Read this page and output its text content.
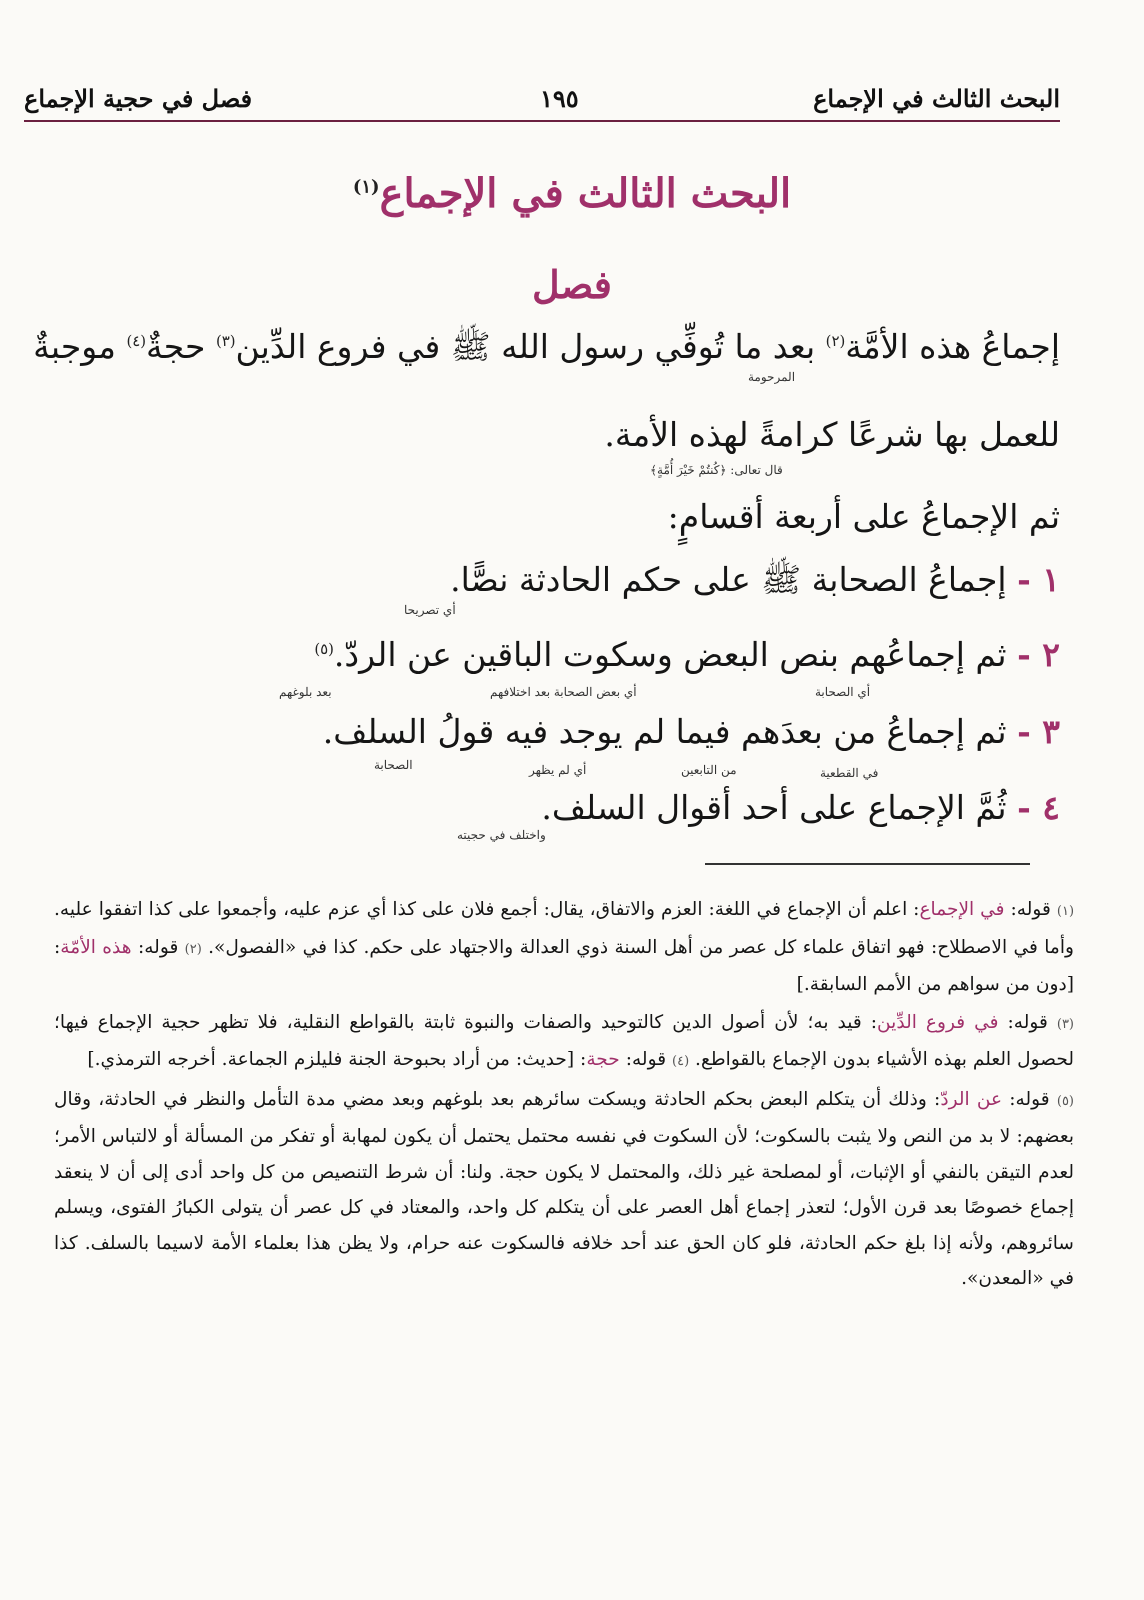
البحث الثالث في الإجماع
١٩٥
فصل في حجية الإجماع
البحث الثالث في الإجماع$^{(١)}$
فصل
إجماعُ هذه الأمَّة$^{(٢)}$ بعد ما تُوفِّي رسول الله ﷺ في فروع الدِّين$^{(٣)}$ حجةٌ$^{(٤)}$ موجبةٌ
للعمل بها شرعًا كرامةً لهذه الأمة.
ثم الإجماعُ على أربعة أقسامٍ:
١ - إجماعُ الصحابة ﷺ على حكم الحادثة نصًّا.
٢ - ثم إجماعُهم بنص البعض وسكوت الباقين عن الردّ.$^{(٥)}$
٣ - ثم إجماعُ من بعدَهم فيما لم يوجد فيه قولُ السلف.
٤ - ثُمَّ الإجماع على أحد أقوال السلف.
المرحومة
قال تعالى: ﴿كُنتُمْ خَيْرَ أُمَّةٍ﴾
أي تصريحا
بعد بلوغهم	أي بعض الصحابة بعد اختلافهم	أي الصحابة
الصحابة	أي لم يظهر	من التابعين	في القطعية
واختلف في حجيته

(١) قوله: في الإجماع: اعلم أن الإجماع في اللغة: العزم والاتفاق، يقال: أجمع فلان على كذا أي عزم عليه، وأجمعوا على كذا اتفقوا عليه. وأما في الاصطلاح: فهو اتفاق علماء كل عصر من أهل السنة ذوي العدالة والاجتهاد على حكم. كذا في «الفصول». (٢) قوله: هذه الأمّة: [دون من سواهم من الأمم السابقة.]

(٣) قوله: في فروع الدِّين: قيد به؛ لأن أصول الدين كالتوحيد والصفات والنبوة ثابتة بالقواطع النقلية، فلا تظهر حجية الإجماع فيها؛ لحصول العلم بهذه الأشياء بدون الإجماع بالقواطع. (٤) قوله: حجة: [حديث: من أراد بحبوحة الجنة فليلزم الجماعة. أخرجه الترمذي.]

(٥) قوله: عن الردّ: وذلك أن يتكلم البعض بحكم الحادثة ويسكت سائرهم بعد بلوغهم وبعد مضي مدة التأمل والنظر في الحادثة، وقال بعضهم: لا بد من النص ولا يثبت بالسكوت؛ لأن السكوت في نفسه محتمل يحتمل أن يكون لمهابة أو تفكر من المسألة أو لالتباس الأمر؛ لعدم التيقن بالنفي أو الإثبات، أو لمصلحة غير ذلك، والمحتمل لا يكون حجة. ولنا: أن شرط التنصيص من كل واحد أدى إلى أن لا ينعقد إجماع خصوصًا بعد قرن الأول؛ لتعذر إجماع أهل العصر على أن يتكلم كل واحد، والمعتاد في كل عصر أن يتولى الكبارُ الفتوى، ويسلم سائروهم، ولأنه إذا بلغ حكم الحادثة، فلو كان الحق عند أحد خلافه فالسكوت عنه حرام، ولا يظن هذا بعلماء الأمة لاسيما بالسلف. كذا في «المعدن».
